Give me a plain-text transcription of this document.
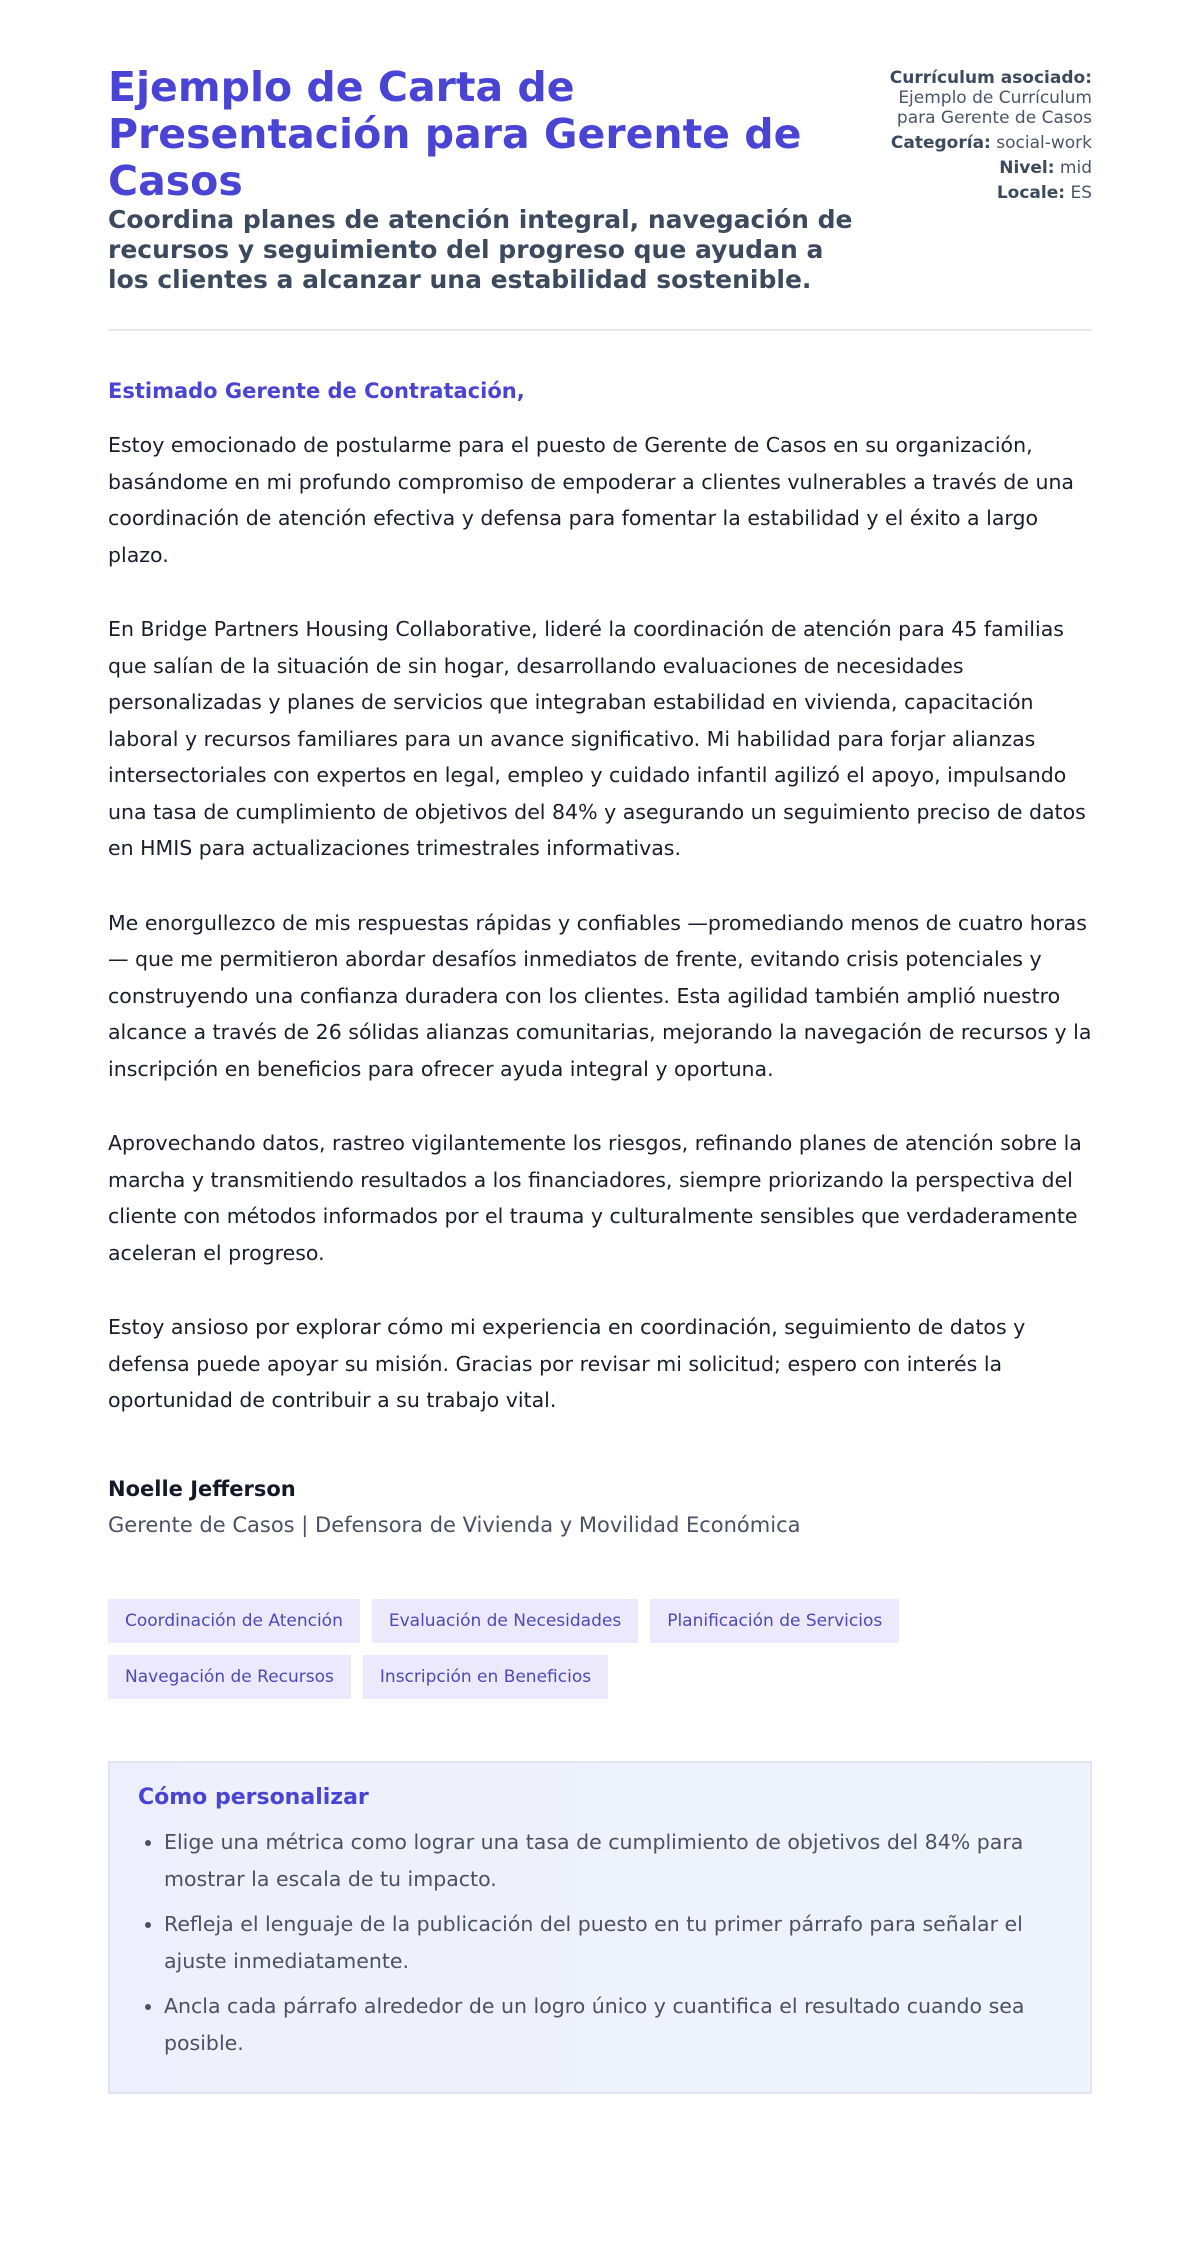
Ejemplo de Carta de Presentación para Gerente de Casos
Coordina planes de atención integral, navegación de recursos y seguimiento del progreso que ayudan a los clientes a alcanzar una estabilidad sostenible.
Currículum asociado:
Ejemplo de Currículum para Gerente de Casos
Categoría: social-work
Nivel: mid
Locale: ES

Estimado Gerente de Contratación,

Estoy emocionado de postularme para el puesto de Gerente de Casos en su organización, basándome en mi profundo compromiso de empoderar a clientes vulnerables a través de una coordinación de atención efectiva y defensa para fomentar la estabilidad y el éxito a largo plazo.

En Bridge Partners Housing Collaborative, lideré la coordinación de atención para 45 familias que salían de la situación de sin hogar, desarrollando evaluaciones de necesidades personalizadas y planes de servicios que integraban estabilidad en vivienda, capacitación laboral y recursos familiares para un avance significativo. Mi habilidad para forjar alianzas intersectoriales con expertos en legal, empleo y cuidado infantil agilizó el apoyo, impulsando una tasa de cumplimiento de objetivos del 84% y asegurando un seguimiento preciso de datos en HMIS para actualizaciones trimestrales informativas.

Me enorgullezco de mis respuestas rápidas y confiables —promediando menos de cuatro horas— que me permitieron abordar desafíos inmediatos de frente, evitando crisis potenciales y construyendo una confianza duradera con los clientes. Esta agilidad también amplió nuestro alcance a través de 26 sólidas alianzas comunitarias, mejorando la navegación de recursos y la inscripción en beneficios para ofrecer ayuda integral y oportuna.

Aprovechando datos, rastreo vigilantemente los riesgos, refinando planes de atención sobre la marcha y transmitiendo resultados a los financiadores, siempre priorizando la perspectiva del cliente con métodos informados por el trauma y culturalmente sensibles que verdaderamente aceleran el progreso.

Estoy ansioso por explorar cómo mi experiencia en coordinación, seguimiento de datos y defensa puede apoyar su misión. Gracias por revisar mi solicitud; espero con interés la oportunidad de contribuir a su trabajo vital.

Noelle Jefferson

Gerente de Casos | Defensora de Vivienda y Movilidad Económica

Coordinación de Atención	Evaluación de Necesidades	Planificación de Servicios
Navegación de Recursos	Inscripción en Beneficios
Cómo personalizar
• Elige una métrica como lograr una tasa de cumplimiento de objetivos del 84% para mostrar la escala de tu impacto.
• Refleja el lenguaje de la publicación del puesto en tu primer párrafo para señalar el ajuste inmediatamente.
• Ancla cada párrafo alrededor de un logro único y cuantifica el resultado cuando sea posible.
